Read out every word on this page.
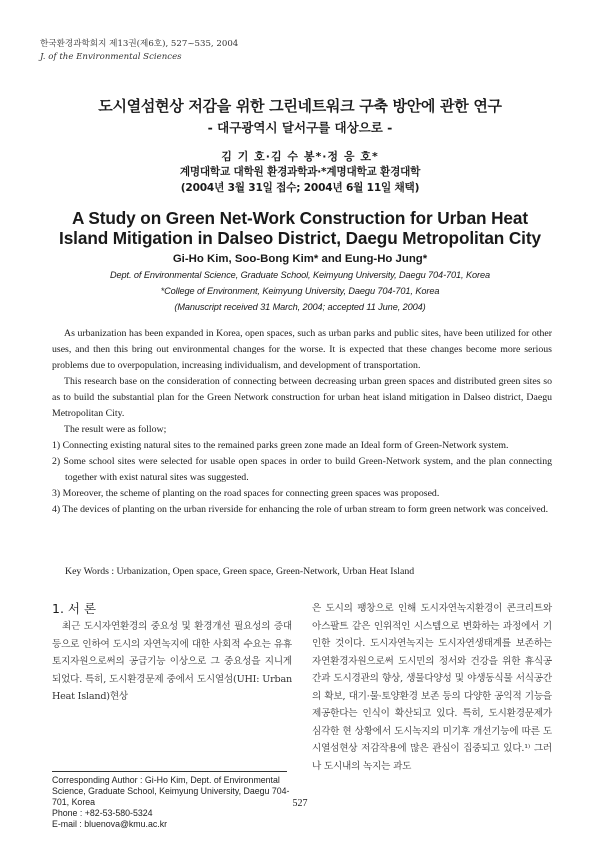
한국환경과학회지 제13권(제6호), 527~535, 2004
J. of the Environmental Sciences
도시열섬현상 저감을 위한 그린네트워크 구축 방안에 관한 연구
- 대구광역시 달서구를 대상으로 -
김 기 호·김 수 봉*·정 응 호*
계명대학교 대학원 환경과학과·*계명대학교 환경대학
(2004년 3월 31일 접수; 2004년 6월 11일 채택)
A Study on Green Net-Work Construction for Urban Heat
Island Mitigation in Dalseo District, Daegu Metropolitan City
Gi-Ho Kim, Soo-Bong Kim* and Eung-Ho Jung*
Dept. of Environmental Science, Graduate School, Keimyung University, Daegu 704-701, Korea
*College of Environment, Keimyung University, Daegu 704-701, Korea
(Manuscript received 31 March, 2004; accepted 11 June, 2004)

As urbanization has been expanded in Korea, open spaces, such as urban parks and public sites, have been utilized for other uses, and then this bring out environmental changes for the worse. It is expected that these changes become more serious problems due to overpopulation, increasing individualism, and development of transportation.

This research base on the consideration of connecting between decreasing urban green spaces and distributed green sites so as to build the substantial plan for the Green Network construction for urban heat island mitigation in Dalseo district, Daegu Metropolitan City.

The result were as follow;

1) Connecting existing natural sites to the remained parks green zone made an Ideal form of Green-Network system.

2) Some school sites were selected for usable open spaces in order to build Green-Network system, and the plan connecting together with exist natural sites was suggested.

3) Moreover, the scheme of planting on the road spaces for connecting green spaces was proposed.

4) The devices of planting on the urban riverside for enhancing the role of urban stream to form green network was conceived.

Key Words : Urbanization, Open space, Green space, Green-Network, Urban Heat Island
1. 서 론

최근 도시자연환경의 중요성 및 환경개선 필요성의 증대 등으로 인하여 도시의 자연녹지에 대한 사회적 수요는 유휴토지자원으로써의 공급기능 이상으로 그 중요성을 지니게 되었다. 특히, 도시환경문제 중에서 도시열섬(UHI: Urban Heat Island)현상

은 도시의 팽창으로 인해 도시자연녹지환경이 콘크리트와 아스팔트 같은 인위적인 시스템으로 변화하는 과정에서 기인한 것이다. 도시자연녹지는 도시자연생태계를 보존하는 자연환경자원으로써 도시민의 정서와 건강을 위한 휴식공간과 도시경관의 향상, 생물다양성 및 야생동식물 서식공간의 확보, 대기·물·토양환경 보존 등의 다양한 공익적 기능을 제공한다는 인식이 확산되고 있다. 특히, 도시환경문제가 심각한 현 상황에서 도시녹지의 미기후 개선기능에 따른 도시열섬현상 저감작용에 많은 관심이 집중되고 있다.¹⁾ 그러나 도시내의 녹지는 과도

Corresponding Author : Gi-Ho Kim, Dept. of Environmental Science, Graduate School, Keimyung University, Daegu 704-701, Korea
Phone : +82-53-580-5324
E-mail : bluenova@kmu.ac.kr
527
